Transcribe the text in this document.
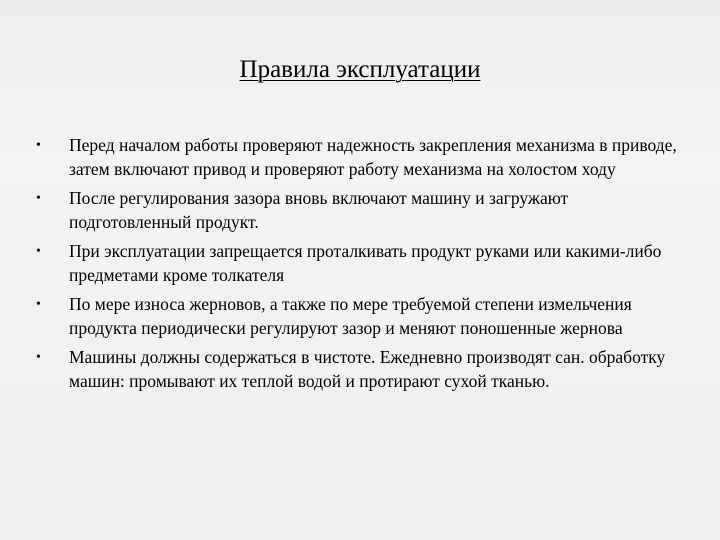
Правила эксплуатации
•	Перед началом работы проверяют надежность закрепления механизма в приводе, затем включают привод и проверяют работу механизма на холостом ходу
•	После регулирования зазора вновь включают машину и загружают подготовленный продукт.
•	При эксплуатации запрещается проталкивать продукт руками или какими-либо предметами кроме толкателя
•	По мере износа жерновов, а также по мере требуемой степени измельчения продукта периодически регулируют зазор и меняют поношенные жернова
•	Машины должны содержаться в чистоте. Ежедневно производят сан. обработку машин: промывают их теплой водой и протирают сухой тканью.
